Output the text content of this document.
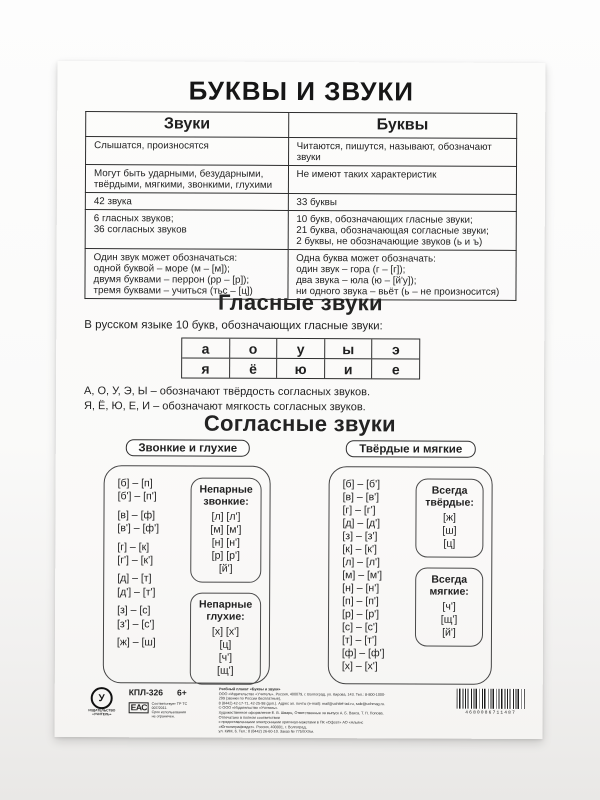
БУКВЫ И ЗВУКИ
Звуки	Буквы
Слышатся, произносятся	Читаются, пишутся, называют, обозначают звуки
Могут быть ударными, безударными,
твёрдыми, мягкими, звонкими, глухими	Не имеют таких характеристик
42 звука	33 буквы
6 гласных звуков;
36 согласных звуков	10 букв, обозначающих гласные звуки;
21 буква, обозначающая согласные звуки;
2 буквы, не обозначающие звуков (ь и ъ)
Один звук может обозначаться:
одной буквой – море (м – [м]);
двумя буквами – перрон (рр – [р]);
тремя буквами – учиться (тьс – [ц])	Одна буква может обозначать:
один звук – гора (г – [г]);
два звука – юла (ю – [й'у]);
ни одного звука – вьёт (ь – не произносится)
Гласные звуки
В русском языке 10 букв, обозначающих гласные звуки:
а	о	у	ы	э
я	ё	ю	и	е
А, О, У, Э, Ы – обозначают твёрдость согласных звуков.
Я, Ё, Ю, Е, И – обозначают мягкость согласных звуков.
Согласные звуки
Звонкие и глухие	Твёрдые и мягкие
[б] – [п]
[б'] – [п']
[в] – [ф]
[в'] – [ф']
[г] – [к]
[г'] – [к']
[д] – [т]
[д'] – [т']
[з] – [с]
[з'] – [с']
[ж] – [ш]
Непарные
звонкие:
[л] [л']
[м] [м']
[н] [н']
[р] [р']
[й']
Непарные
глухие:
[х] [х']
[ц]
[ч']
[щ']
[б] – [б']
[в] – [в']
[г] – [г']
[д] – [д']
[з] – [з']
[к] – [к']
[л] – [л']
[м] – [м']
[н] – [н']
[п] – [п']
[р] – [р']
[с] – [с']
[т] – [т']
[ф] – [ф']
[х] – [х']
Всегда
твёрдые:
[ж]
[ш]
[ц]
Всегда
мягкие:
[ч']
[щ']
[й']
У
ИЗДАТЕЛЬСТВО
«УЧИТЕЛЬ»
КПЛ-326 6+
ЕАС Соответствует ТР ТС 007/2011.
Срок использования не ограничен.
Учебный плакат «Буквы и звуки»
ООО «Издательство «Учитель». Россия, 400079, г. Волгоград, ул. Кирова, 143. Тел.: 8-800-1000-299 (звонки по России бесплатные),
8 (8442) 42-17-71, 42-25-98 (доп.). Адрес эл. почты (e-mail): mail@uchitel-izd.ru, sale@uchmag.ru. © ООО «Издательство «Учитель».
Художественное оформление Е. В. Шварц. Ответственные за выпуск А. Б. Вакса, Т. П. Попова. Отпечатано в полном соответствии
с предоставленными электронными оригинал-макетами в ПК «Офсет» АО «Альянс «Югполиграфиздат». Россия, 400001, г. Волгоград,
ул. КИМ, 6. Тел.: 8 (8442) 26-60-10. Заказ № 775/ХХХм.
4680086711487
